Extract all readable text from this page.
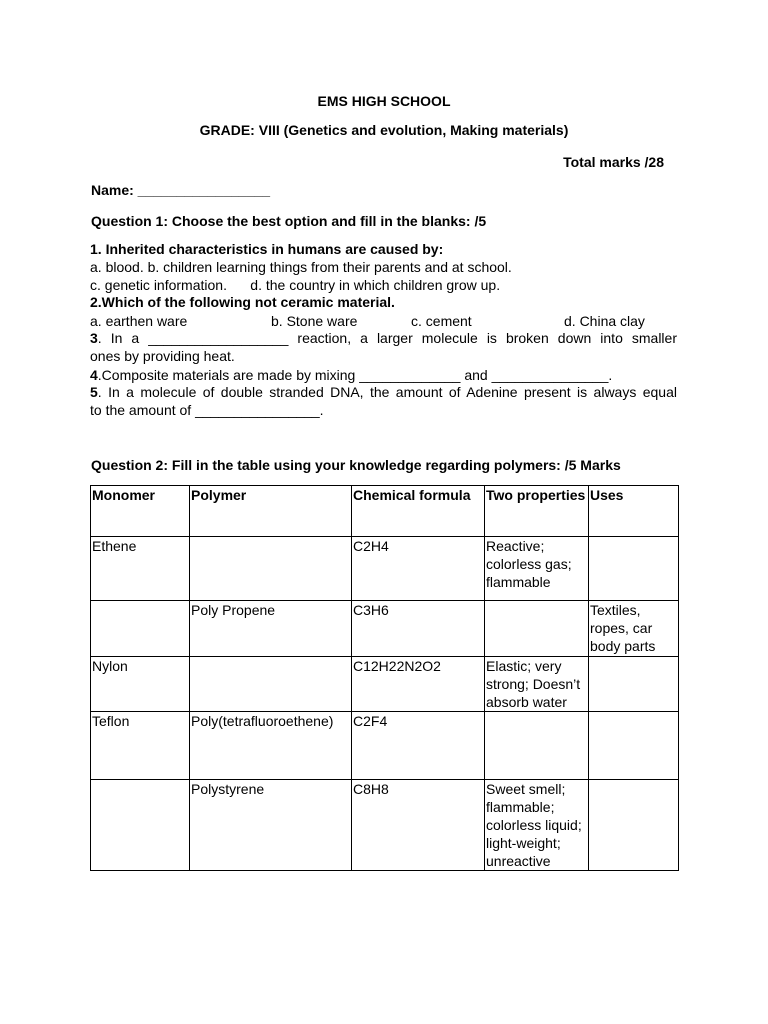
EMS HIGH SCHOOL
GRADE: VIII (Genetics and evolution, Making materials)
Total marks /28
Name: _________________
Question 1: Choose the best option and fill in the blanks: /5
1. Inherited characteristics in humans are caused by:
a. blood. b. children learning things from their parents and at school.
c. genetic information.      d. the country in which children grow up.
2.Which of the following not ceramic material.
a. earthen ware	b. Stone ware	c. cement	d. China clay
3. In a __________________ reaction, a larger molecule is broken down into smaller
ones by providing heat.
4.Composite materials are made by mixing _____________ and _______________.
5. In a molecule of double stranded DNA, the amount of Adenine present is always equal
to the amount of ________________.
Question 2: Fill in the table using your knowledge regarding polymers: /5 Marks
Monomer	Polymer	Chemical formula	Two properties	Uses
Ethene		C2H4	Reactive; colorless gas; flammable	
	Poly Propene	C3H6		Textiles, ropes, car body parts
Nylon		C12H22N2O2	Elastic; very strong; Doesn’t absorb water	
Teflon	Poly(tetrafluoroethene)	C2F4		
	Polystyrene	C8H8	Sweet smell; flammable; colorless liquid; light-weight; unreactive	
